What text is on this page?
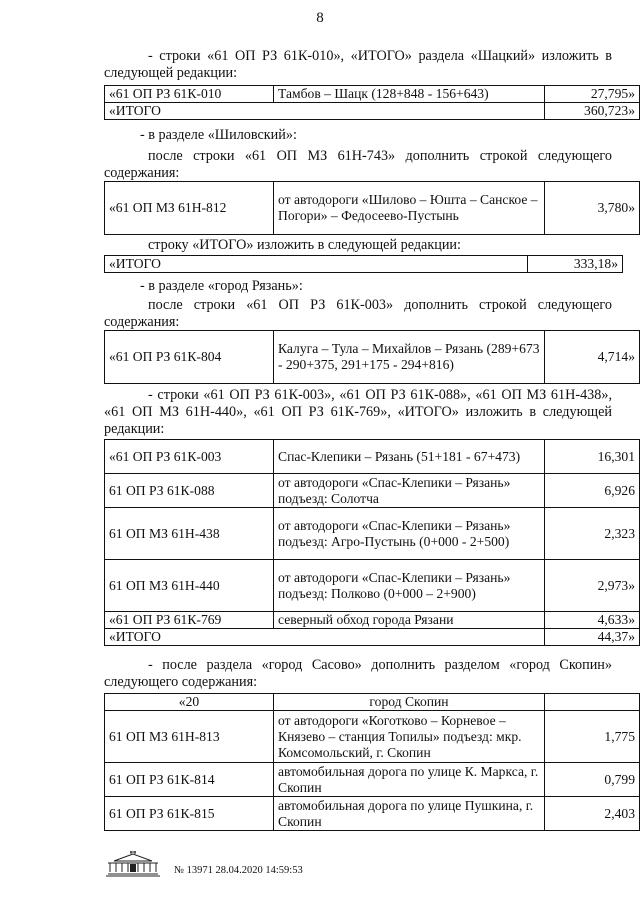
8
- строки «61 ОП РЗ 61К-010», «ИТОГО» раздела «Шацкий» изложить в следующей редакции:
«61 ОП РЗ 61К-010	Тамбов – Шацк (128+848 - 156+643)	27,795»
«ИТОГО		360,723»
- в разделе «Шиловский»:
после строки «61 ОП МЗ 61Н-743» дополнить строкой следующего содержания:
«61 ОП МЗ 61Н-812	от автодороги «Шилово – Юшта – Санское – Погори» – Федосеево-Пустынь	3,780»
строку «ИТОГО» изложить в следующей редакции:
«ИТОГО	333,18»
- в разделе «город Рязань»:
после строки «61 ОП РЗ 61К-003» дополнить строкой следующего содержания:
«61 ОП РЗ 61К-804	Калуга – Тула – Михайлов – Рязань (289+673 - 290+375, 291+175 - 294+816)	4,714»
- строки «61 ОП РЗ 61К-003», «61 ОП РЗ 61К-088», «61 ОП МЗ 61Н-438», «61 ОП МЗ 61Н-440», «61 ОП РЗ 61К-769», «ИТОГО» изложить в следующей редакции:
«61 ОП РЗ 61К-003	Спас-Клепики – Рязань (51+181 - 67+473)	16,301
61 ОП РЗ 61К-088	от автодороги «Спас-Клепики – Рязань» подъезд: Солотча	6,926
61 ОП МЗ 61Н-438	от автодороги «Спас-Клепики – Рязань» подъезд: Агро-Пустынь (0+000 - 2+500)	2,323
61 ОП МЗ 61Н-440	от автодороги «Спас-Клепики – Рязань» подъезд: Полково (0+000 – 2+900)	2,973»
«61 ОП РЗ 61К-769	северный обход города Рязани	4,633»
«ИТОГО		44,37»
- после раздела «город Сасово» дополнить разделом «город Скопин» следующего содержания:
«20	город Скопин	
61 ОП МЗ 61Н-813	от автодороги «Коготково – Корневое – Князево – станция Топилы» подъезд: мкр. Комсомольский, г. Скопин	1,775
61 ОП РЗ 61К-814	автомобильная дорога по улице К. Маркса, г. Скопин	0,799
61 ОП РЗ 61К-815	автомобильная дорога по улице Пушкина, г. Скопин	2,403
№ 13971 28.04.2020 14:59:53
